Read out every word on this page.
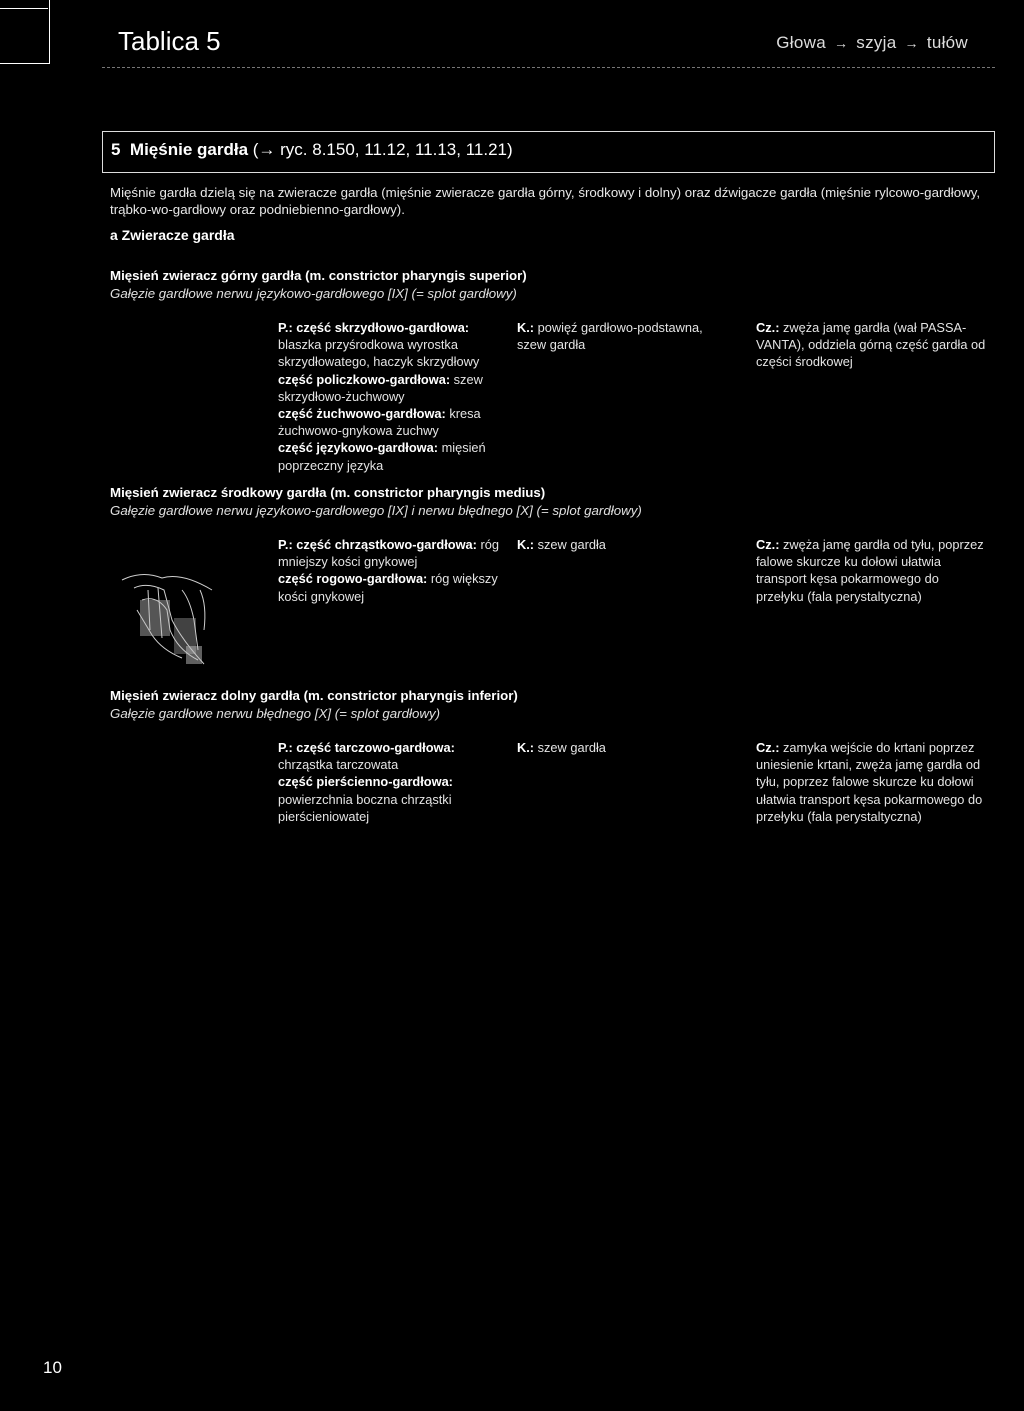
Tablica 5	Głowa → szyja → tułów
5 Mięśnie gardła (→ ryc. 8.150, 11.12, 11.13, 11.21)
Mięśnie gardła dzielą się na zwieracze gardła (mięśnie zwieracze gardła górny, środkowy i dolny) oraz dźwigacze gardła (mięśnie rylcowo-gardłowy, trąbko-wo-gardłowy oraz podniebienno-gardłowy).
a Zwieracze gardła
Mięsień zwieracz górny gardła (m. constrictor pharyngis superior)
Gałęzie gardłowe nerwu językowo-gardłowego [IX] (= splot gardłowy)
P.: część skrzydłowo-gardłowa: blaszka przyśrodkowa wyrostka skrzydłowatego, haczyk skrzydłowy
część policzkowo-gardłowa: szew skrzydłowo-żuchwowy
część żuchwowo-gardłowa: kresa żuchwowo-gnykowa żuchwy
część językowo-gardłowa: mięsień poprzeczny języka
K.: powięź gardłowo-podstawna, szew gardła
Cz.: zwęża jamę gardła (wał PASSA-VANTA), oddziela górną część gardła od części środkowej
Mięsień zwieracz środkowy gardła (m. constrictor pharyngis medius)
Gałęzie gardłowe nerwu językowo-gardłowego [IX] i nerwu błędnego [X] (= splot gardłowy)
P.: część chrząstkowo-gardłowa: róg mniejszy kości gnykowej
część rogowo-gardłowa: róg większy kości gnykowej
K.: szew gardła	Cz.: zwęża jamę gardła od tyłu, poprzez falowe skurcze ku dołowi ułatwia transport kęsa pokarmowego do przełyku (fala perystaltyczna)
Mięsień zwieracz dolny gardła (m. constrictor pharyngis inferior)
Gałęzie gardłowe nerwu błędnego [X] (= splot gardłowy)
P.: część tarczowo-gardłowa: chrząstka tarczowata
część pierścienno-gardłowa: powierzchnia boczna chrząstki pierścieniowatej
K.: szew gardła	Cz.: zamyka wejście do krtani poprzez uniesienie krtani, zwęża jamę gardła od tyłu, poprzez falowe skurcze ku dołowi ułatwia transport kęsa pokarmowego do przełyku (fala perystaltyczna)
10
